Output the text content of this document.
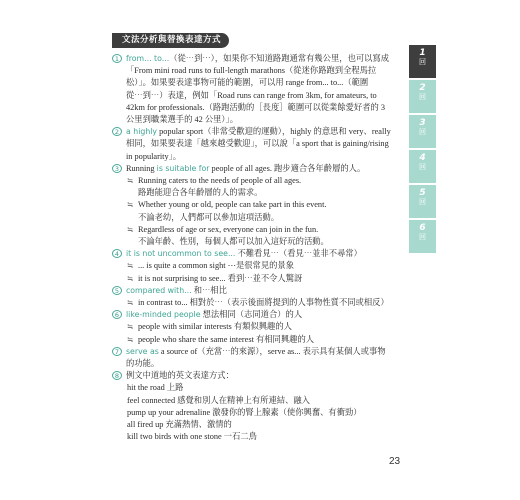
文法分析與替換表達方式
1 from... to...（從⋯到⋯），如果你不知道路跑通常有幾公里，也可以寫成
「From mini road runs to full-length marathons（從迷你路跑到全程馬拉
松）」。如果要表達事物可能的範圍，可以用 range from... to...（範圍
從⋯到⋯）表達，例如「Road runs can range from 3km, for amateurs, to
42km for professionals.（路跑活動的［長度］範圍可以從業餘愛好者的 3
公里到職業選手的 42 公里）」。
2 a highly popular sport（非常受歡迎的運動），highly 的意思和 very、really
相同，如果要表達「越來越受歡迎」，可以說「a sport that is gaining/rising
in popularity」。
3 Running is suitable for people of all ages. 跑步適合各年齡層的人。
≒ Running caters to the needs of people of all ages.
路跑能迎合各年齡層的人的需求。
≒ Whether young or old, people can take part in this event.
不論老幼，人們都可以參加這項活動。
≒ Regardless of age or sex, everyone can join in the fun.
不論年齡、性別，每個人都可以加入這好玩的活動。
4 it is not uncommon to see... 不難看見⋯（看見⋯並非不尋常）
≒ ... is quite a common sight ⋯是很常見的景象
≒ it is not surprising to see... 看到⋯並不令人驚訝
5 compared with... 和⋯相比
≒ in contrast to... 相對於⋯（表示後面將提到的人事物性質不同或相反）
6 like-minded people 想法相同（志同道合）的人
≒ people with similar interests 有類似興趣的人
≒ people who share the same interest 有相同興趣的人
7 serve as a source of（充當⋯的來源），serve as... 表示具有某個人或事物
的功能。
8 例文中道地的英文表達方式：
hit the road 上路
feel connected 感覺和別人在精神上有所連結、融入
pump up your adrenaline 激發你的腎上腺素（使你興奮、有衝勁）
all fired up 充滿熱情、激情的
kill two birds with one stone 一石二鳥
1
回
2
回
3
回
4
回
5
回
6
回
23
